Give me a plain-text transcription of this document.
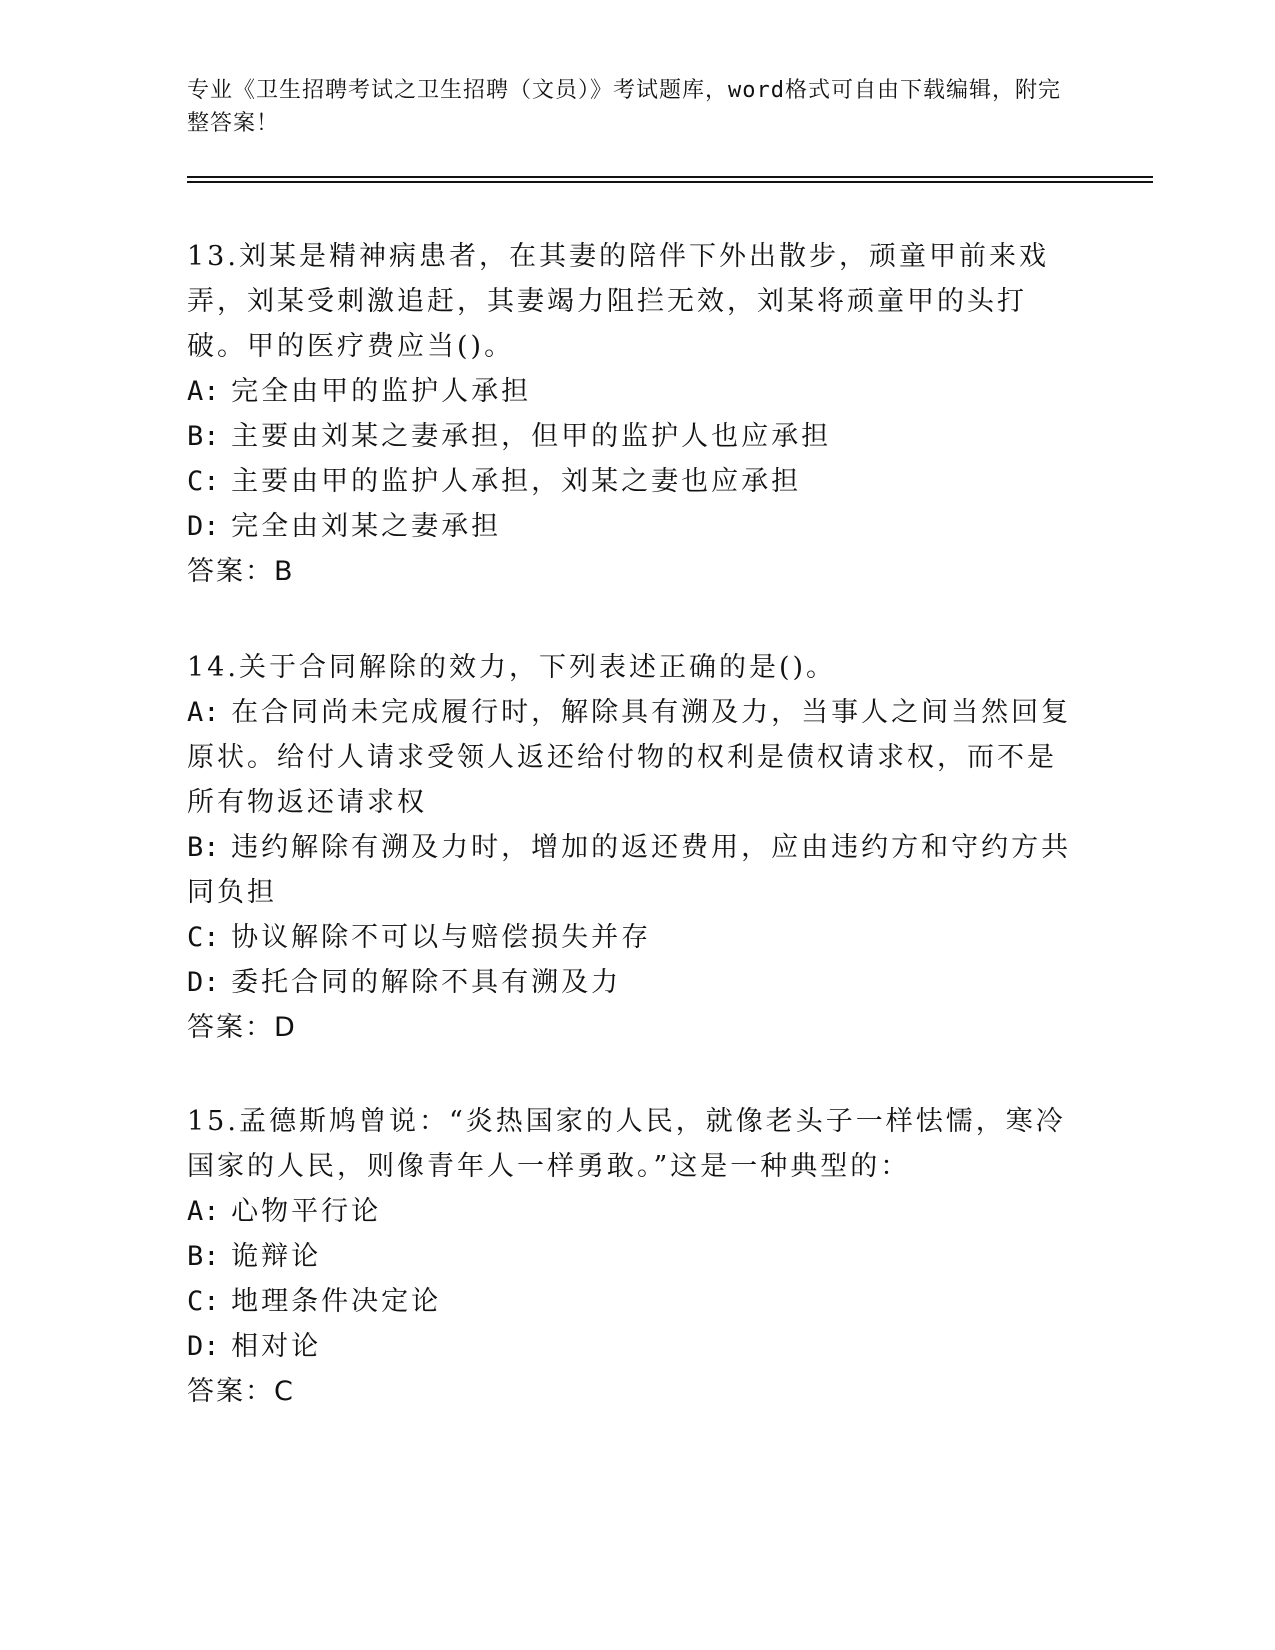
专业《卫生招聘考试之卫生招聘（文员）》考试题库，word格式可自由下载编辑，附完整答案！

13.刘某是精神病患者，在其妻的陪伴下外出散步，顽童甲前来戏弄，刘某受刺激追赶，其妻竭力阻拦无效，刘某将顽童甲的头打破。甲的医疗费应当()。

A: 完全由甲的监护人承担

B: 主要由刘某之妻承担，但甲的监护人也应承担

C: 主要由甲的监护人承担，刘某之妻也应承担

D: 完全由刘某之妻承担

答案：B

14.关于合同解除的效力，下列表述正确的是()。

A: 在合同尚未完成履行时，解除具有溯及力，当事人之间当然回复原状。给付人请求受领人返还给付物的权利是债权请求权，而不是所有物返还请求权

B: 违约解除有溯及力时，增加的返还费用，应由违约方和守约方共同负担

C: 协议解除不可以与赔偿损失并存

D: 委托合同的解除不具有溯及力

答案：D

15.孟德斯鸠曾说：“炎热国家的人民，就像老头子一样怯懦，寒冷国家的人民，则像青年人一样勇敢。”这是一种典型的：

A: 心物平行论

B: 诡辩论

C: 地理条件决定论

D: 相对论

答案：C
